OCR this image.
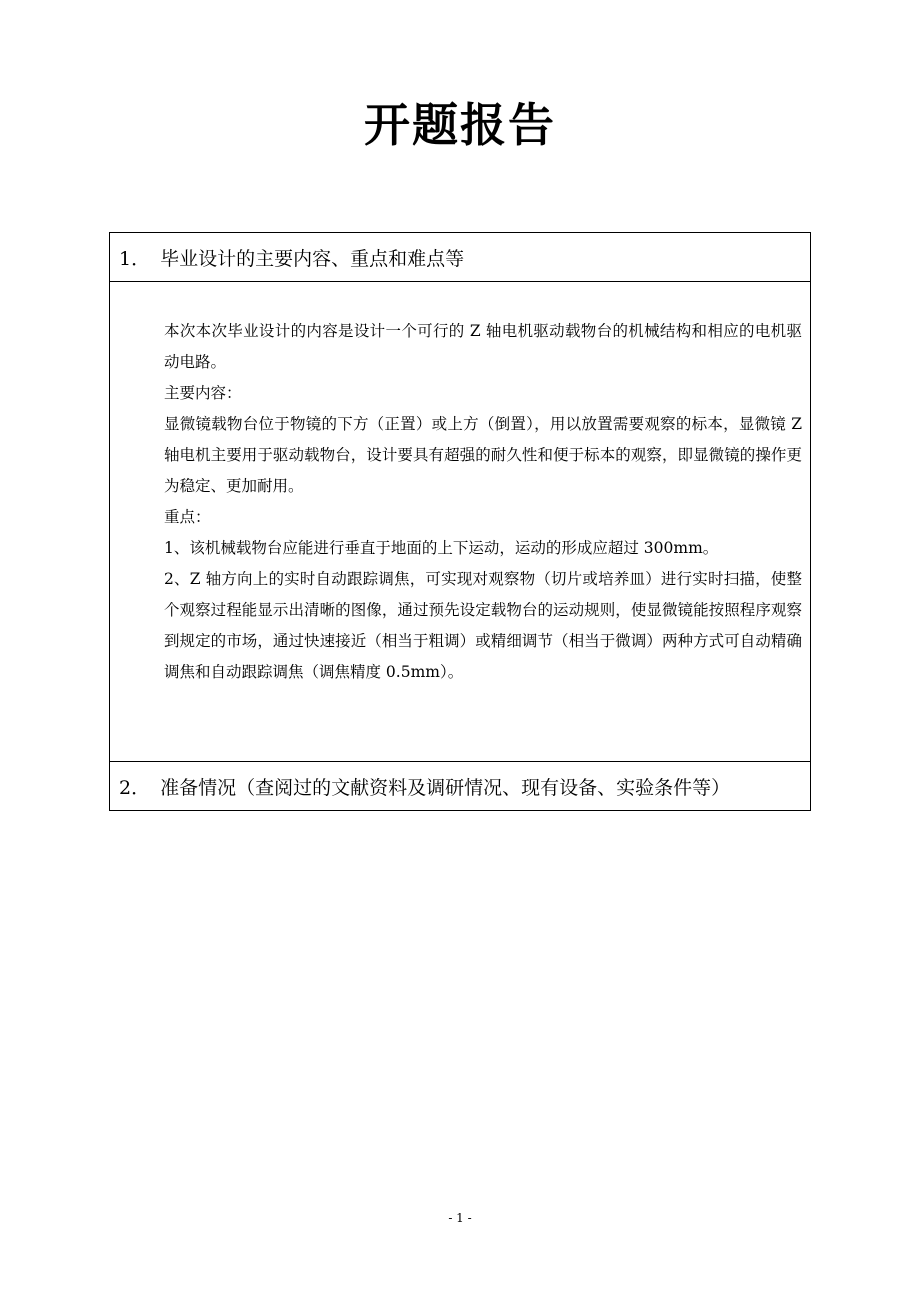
开题报告
1． 毕业设计的主要内容、重点和难点等

本次本次毕业设计的内容是设计一个可行的 Z 轴电机驱动载物台的机械结构和相应的电机驱动电路。

主要内容：

显微镜载物台位于物镜的下方（正置）或上方（倒置），用以放置需要观察的标本，显微镜 Z 轴电机主要用于驱动载物台，设计要具有超强的耐久性和便于标本的观察，即显微镜的操作更为稳定、更加耐用。

重点：

1、该机械载物台应能进行垂直于地面的上下运动，运动的形成应超过 300mm。

2、Z 轴方向上的实时自动跟踪调焦，可实现对观察物（切片或培养皿）进行实时扫描，使整个观察过程能显示出清晰的图像，通过预先设定载物台的运动规则，使显微镜能按照程序观察到规定的市场，通过快速接近（相当于粗调）或精细调节（相当于微调）两种方式可自动精确调焦和自动跟踪调焦（调焦精度 0.5mm）。

2． 准备情况（查阅过的文献资料及调研情况、现有设备、实验条件等）
- 1 -
